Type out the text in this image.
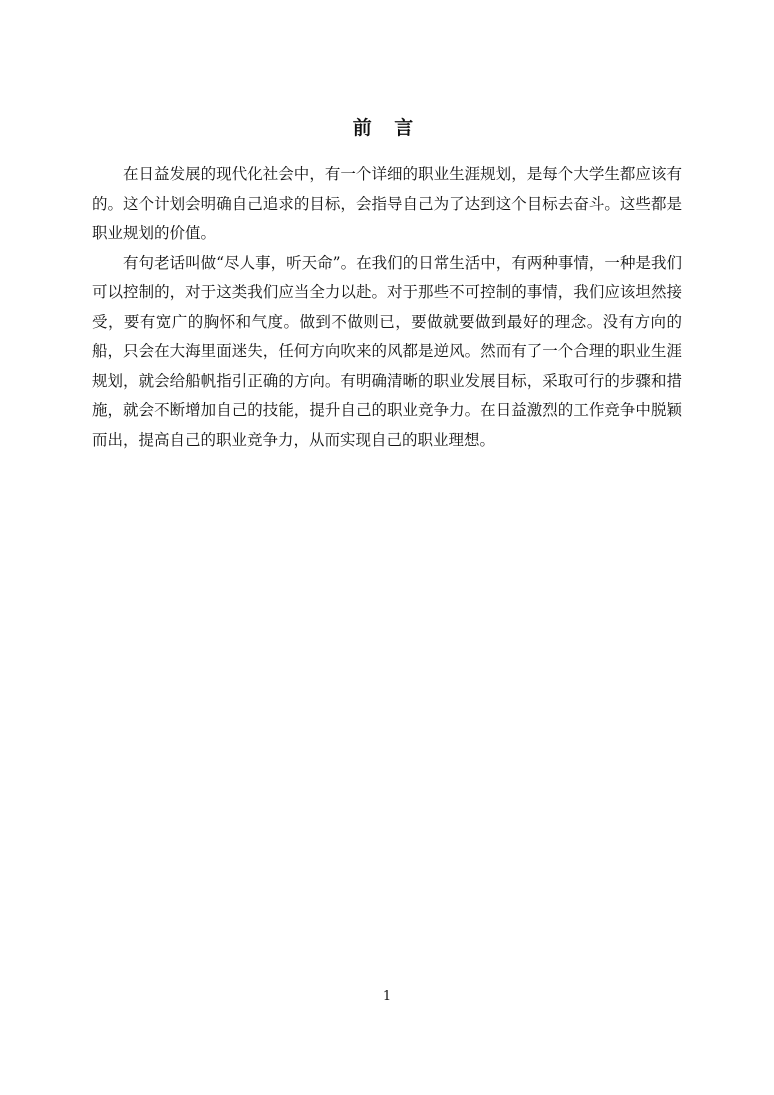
前 言

在日益发展的现代化社会中，有一个详细的职业生涯规划，是每个大学生都应该有的。这个计划会明确自己追求的目标，会指导自己为了达到这个目标去奋斗。这些都是职业规划的价值。

有句老话叫做“尽人事，听天命”。在我们的日常生活中，有两种事情，一种是我们可以控制的，对于这类我们应当全力以赴。对于那些不可控制的事情，我们应该坦然接受，要有宽广的胸怀和气度。做到不做则已，要做就要做到最好的理念。没有方向的船，只会在大海里面迷失，任何方向吹来的风都是逆风。然而有了一个合理的职业生涯规划，就会给船帆指引正确的方向。有明确清晰的职业发展目标，采取可行的步骤和措施，就会不断增加自己的技能，提升自己的职业竞争力。在日益激烈的工作竞争中脱颖而出，提高自己的职业竞争力，从而实现自己的职业理想。

1
